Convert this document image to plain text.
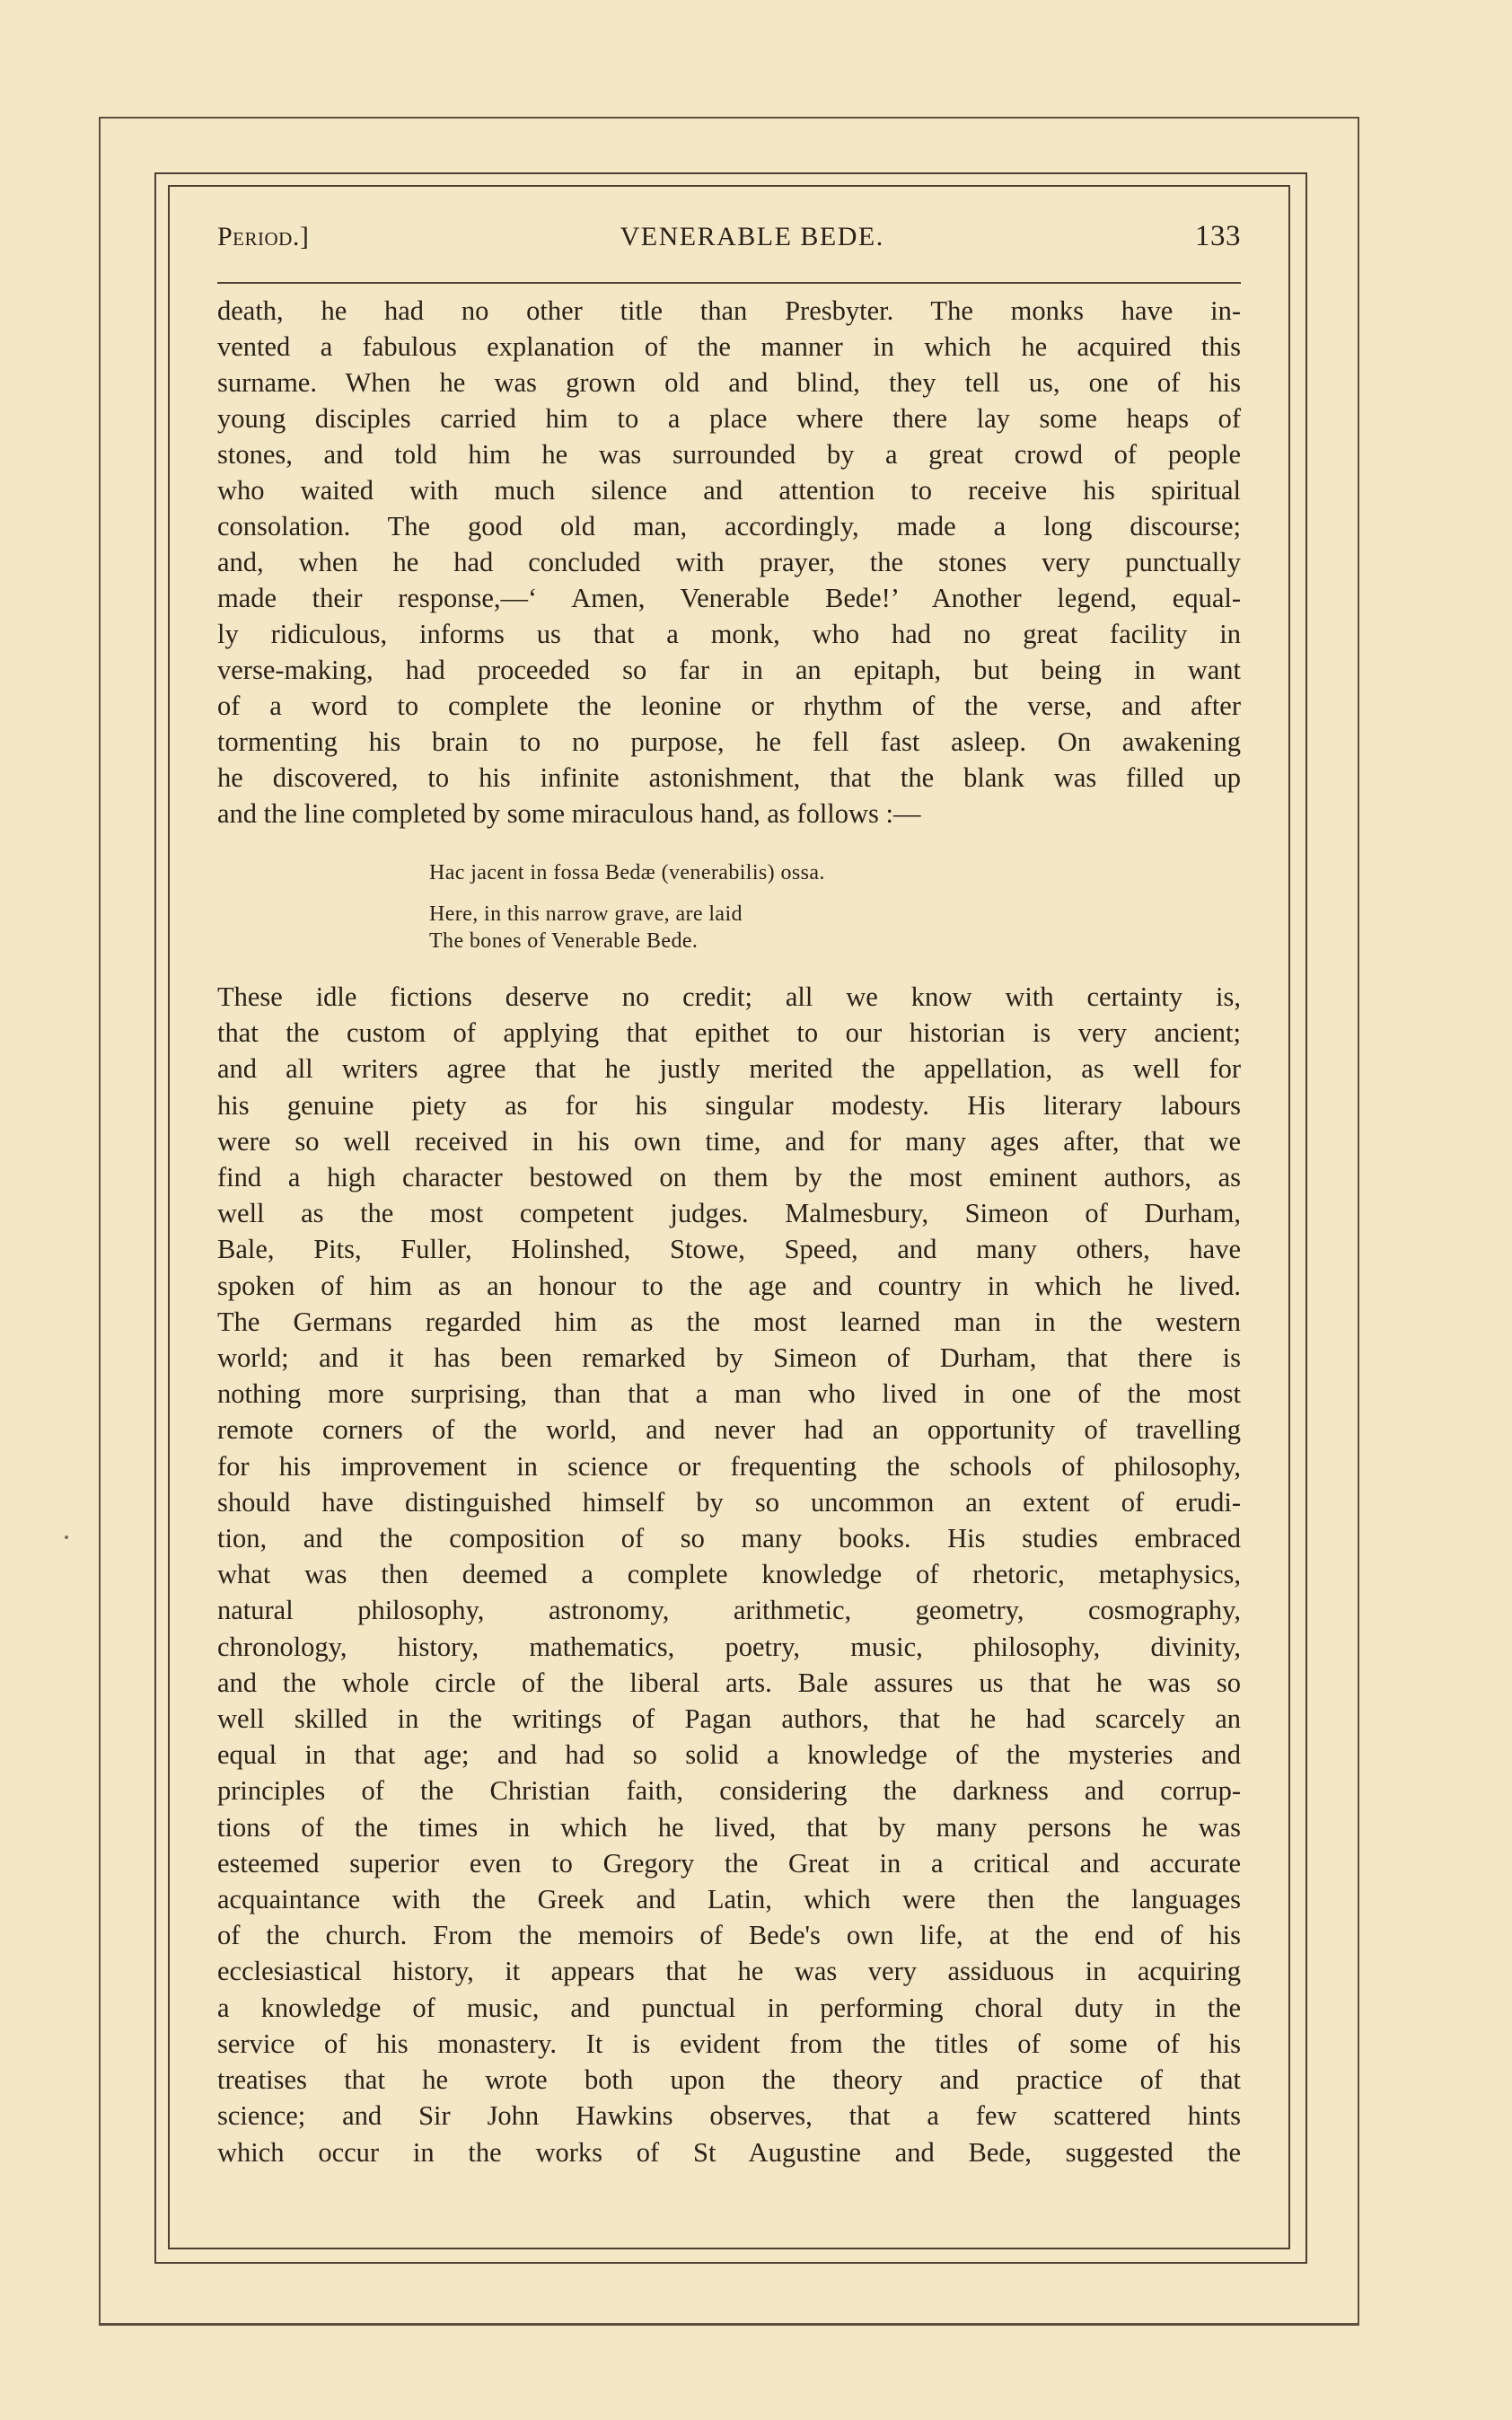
Period.]	VENERABLE BEDE.	133
death, he had no other title than Presbyter. The monks have in-
vented a fabulous explanation of the manner in which he acquired this
surname. When he was grown old and blind, they tell us, one of his
young disciples carried him to a place where there lay some heaps of
stones, and told him he was surrounded by a great crowd of people
who waited with much silence and attention to receive his spiritual
consolation. The good old man, accordingly, made a long discourse;
and, when he had concluded with prayer, the stones very punctually
made their response,—‘ Amen, Venerable Bede!’ Another legend, equal-
ly ridiculous, informs us that a monk, who had no great facility in
verse-making, had proceeded so far in an epitaph, but being in want
of a word to complete the leonine or rhythm of the verse, and after
tormenting his brain to no purpose, he fell fast asleep. On awakening
he discovered, to his infinite astonishment, that the blank was filled up
and the line completed by some miraculous hand, as follows :—
Hac jacent in fossa Bedæ (venerabilis) ossa.
Here, in this narrow grave, are laid
The bones of Venerable Bede.
These idle fictions deserve no credit; all we know with certainty is,
that the custom of applying that epithet to our historian is very ancient;
and all writers agree that he justly merited the appellation, as well for
his genuine piety as for his singular modesty. His literary labours
were so well received in his own time, and for many ages after, that we
find a high character bestowed on them by the most eminent authors, as
well as the most competent judges. Malmesbury, Simeon of Durham,
Bale, Pits, Fuller, Holinshed, Stowe, Speed, and many others, have
spoken of him as an honour to the age and country in which he lived.
The Germans regarded him as the most learned man in the western
world; and it has been remarked by Simeon of Durham, that there is
nothing more surprising, than that a man who lived in one of the most
remote corners of the world, and never had an opportunity of travelling
for his improvement in science or frequenting the schools of philosophy,
should have distinguished himself by so uncommon an extent of erudi-
tion, and the composition of so many books. His studies embraced
what was then deemed a complete knowledge of rhetoric, metaphysics,
natural philosophy, astronomy, arithmetic, geometry, cosmography,
chronology, history, mathematics, poetry, music, philosophy, divinity,
and the whole circle of the liberal arts. Bale assures us that he was so
well skilled in the writings of Pagan authors, that he had scarcely an
equal in that age; and had so solid a knowledge of the mysteries and
principles of the Christian faith, considering the darkness and corrup-
tions of the times in which he lived, that by many persons he was
esteemed superior even to Gregory the Great in a critical and accurate
acquaintance with the Greek and Latin, which were then the languages
of the church. From the memoirs of Bede's own life, at the end of his
ecclesiastical history, it appears that he was very assiduous in acquiring
a knowledge of music, and punctual in performing choral duty in the
service of his monastery. It is evident from the titles of some of his
treatises that he wrote both upon the theory and practice of that
science; and Sir John Hawkins observes, that a few scattered hints
which occur in the works of St Augustine and Bede, suggested the
